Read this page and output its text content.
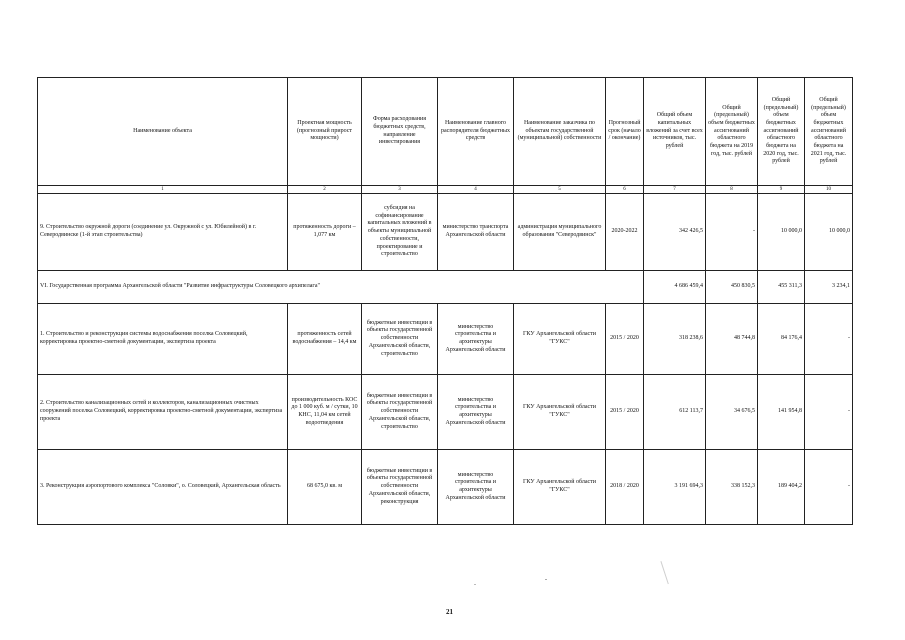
Наименование объекта	Проектная мощность (прогнозный прирост мощности)	Форма расходования бюджетных средств, направление инвестирования	Наименование главного распорядителя бюджетных средств	Наименование заказчика по объектам государственной (муниципальной) собственности	Прогнозный срок (начало / окончание)	Общий объем капитальных вложений за счет всех источников, тыс. рублей	Общий (предельный) объем бюджетных ассигнований областного бюджета на 2019 год, тыс. рублей	Общий (предельный) объем бюджетных ассигнований областного бюджета на 2020 год, тыс. рублей	Общий (предельный) объем бюджетных ассигнований областного бюджета на 2021 год, тыс. рублей
1	2	3	4	5	6	7	8	9	10
9. Строительство окружной дороги (соединение ул. Окружной с ул. Юбилейной) в г. Северодвинске (1-й этап строительства)	протяженность дороги – 1,077 км	субсидия на софинансирование капитальных вложений в объекты муниципальной собственности, проектирование и строительство	министерство транспорта Архангельской области	администрация муниципального образования "Северодвинск"	2020-2022	342 426,5	-	10 000,0	10 000,0
VI. Государственная программа Архангельской области "Развитие инфраструктуры Соловецкого архипелага"						4 686 459,4	450 830,5	455 311,3	3 234,1
1. Строительство и реконструкция системы водоснабжения поселка Соловецкий, корректировка проектно-сметной документации, экспертиза проекта	протяженность сетей водоснабжения – 14,4 км	бюджетные инвестиции в объекты государственной собственности Архангельской области, строительство	министерство строительства и архитектуры Архангельской области	ГКУ Архангельской области "ГУКС"	2015 / 2020	318 238,6	48 744,8	84 176,4	-
2. Строительство канализационных сетей и коллекторов, канализационных очистных сооружений поселка Соловецкий, корректировка проектно-сметной документации, экспертиза проекта	производительность КОС до 1 000 куб. м / сутки, 10 КНС, 11,04 км сетей водоотведения	бюджетные инвестиции в объекты государственной собственности Архангельской области, строительство	министерство строительства и архитектуры Архангельской области	ГКУ Архангельской области "ГУКС"	2015 / 2020	612 113,7	34 676,5	141 954,8	-
3. Реконструкция аэропортового комплекса "Соловки", о. Соловецкий, Архангельская область	68 675,0 кв. м	бюджетные инвестиции в объекты государственной собственности Архангельской области, реконструкция	министерство строительства и архитектуры Архангельской области	ГКУ Архангельской области "ГУКС"	2018 / 2020	3 191 694,3	338 152,3	189 404,2	-
21
